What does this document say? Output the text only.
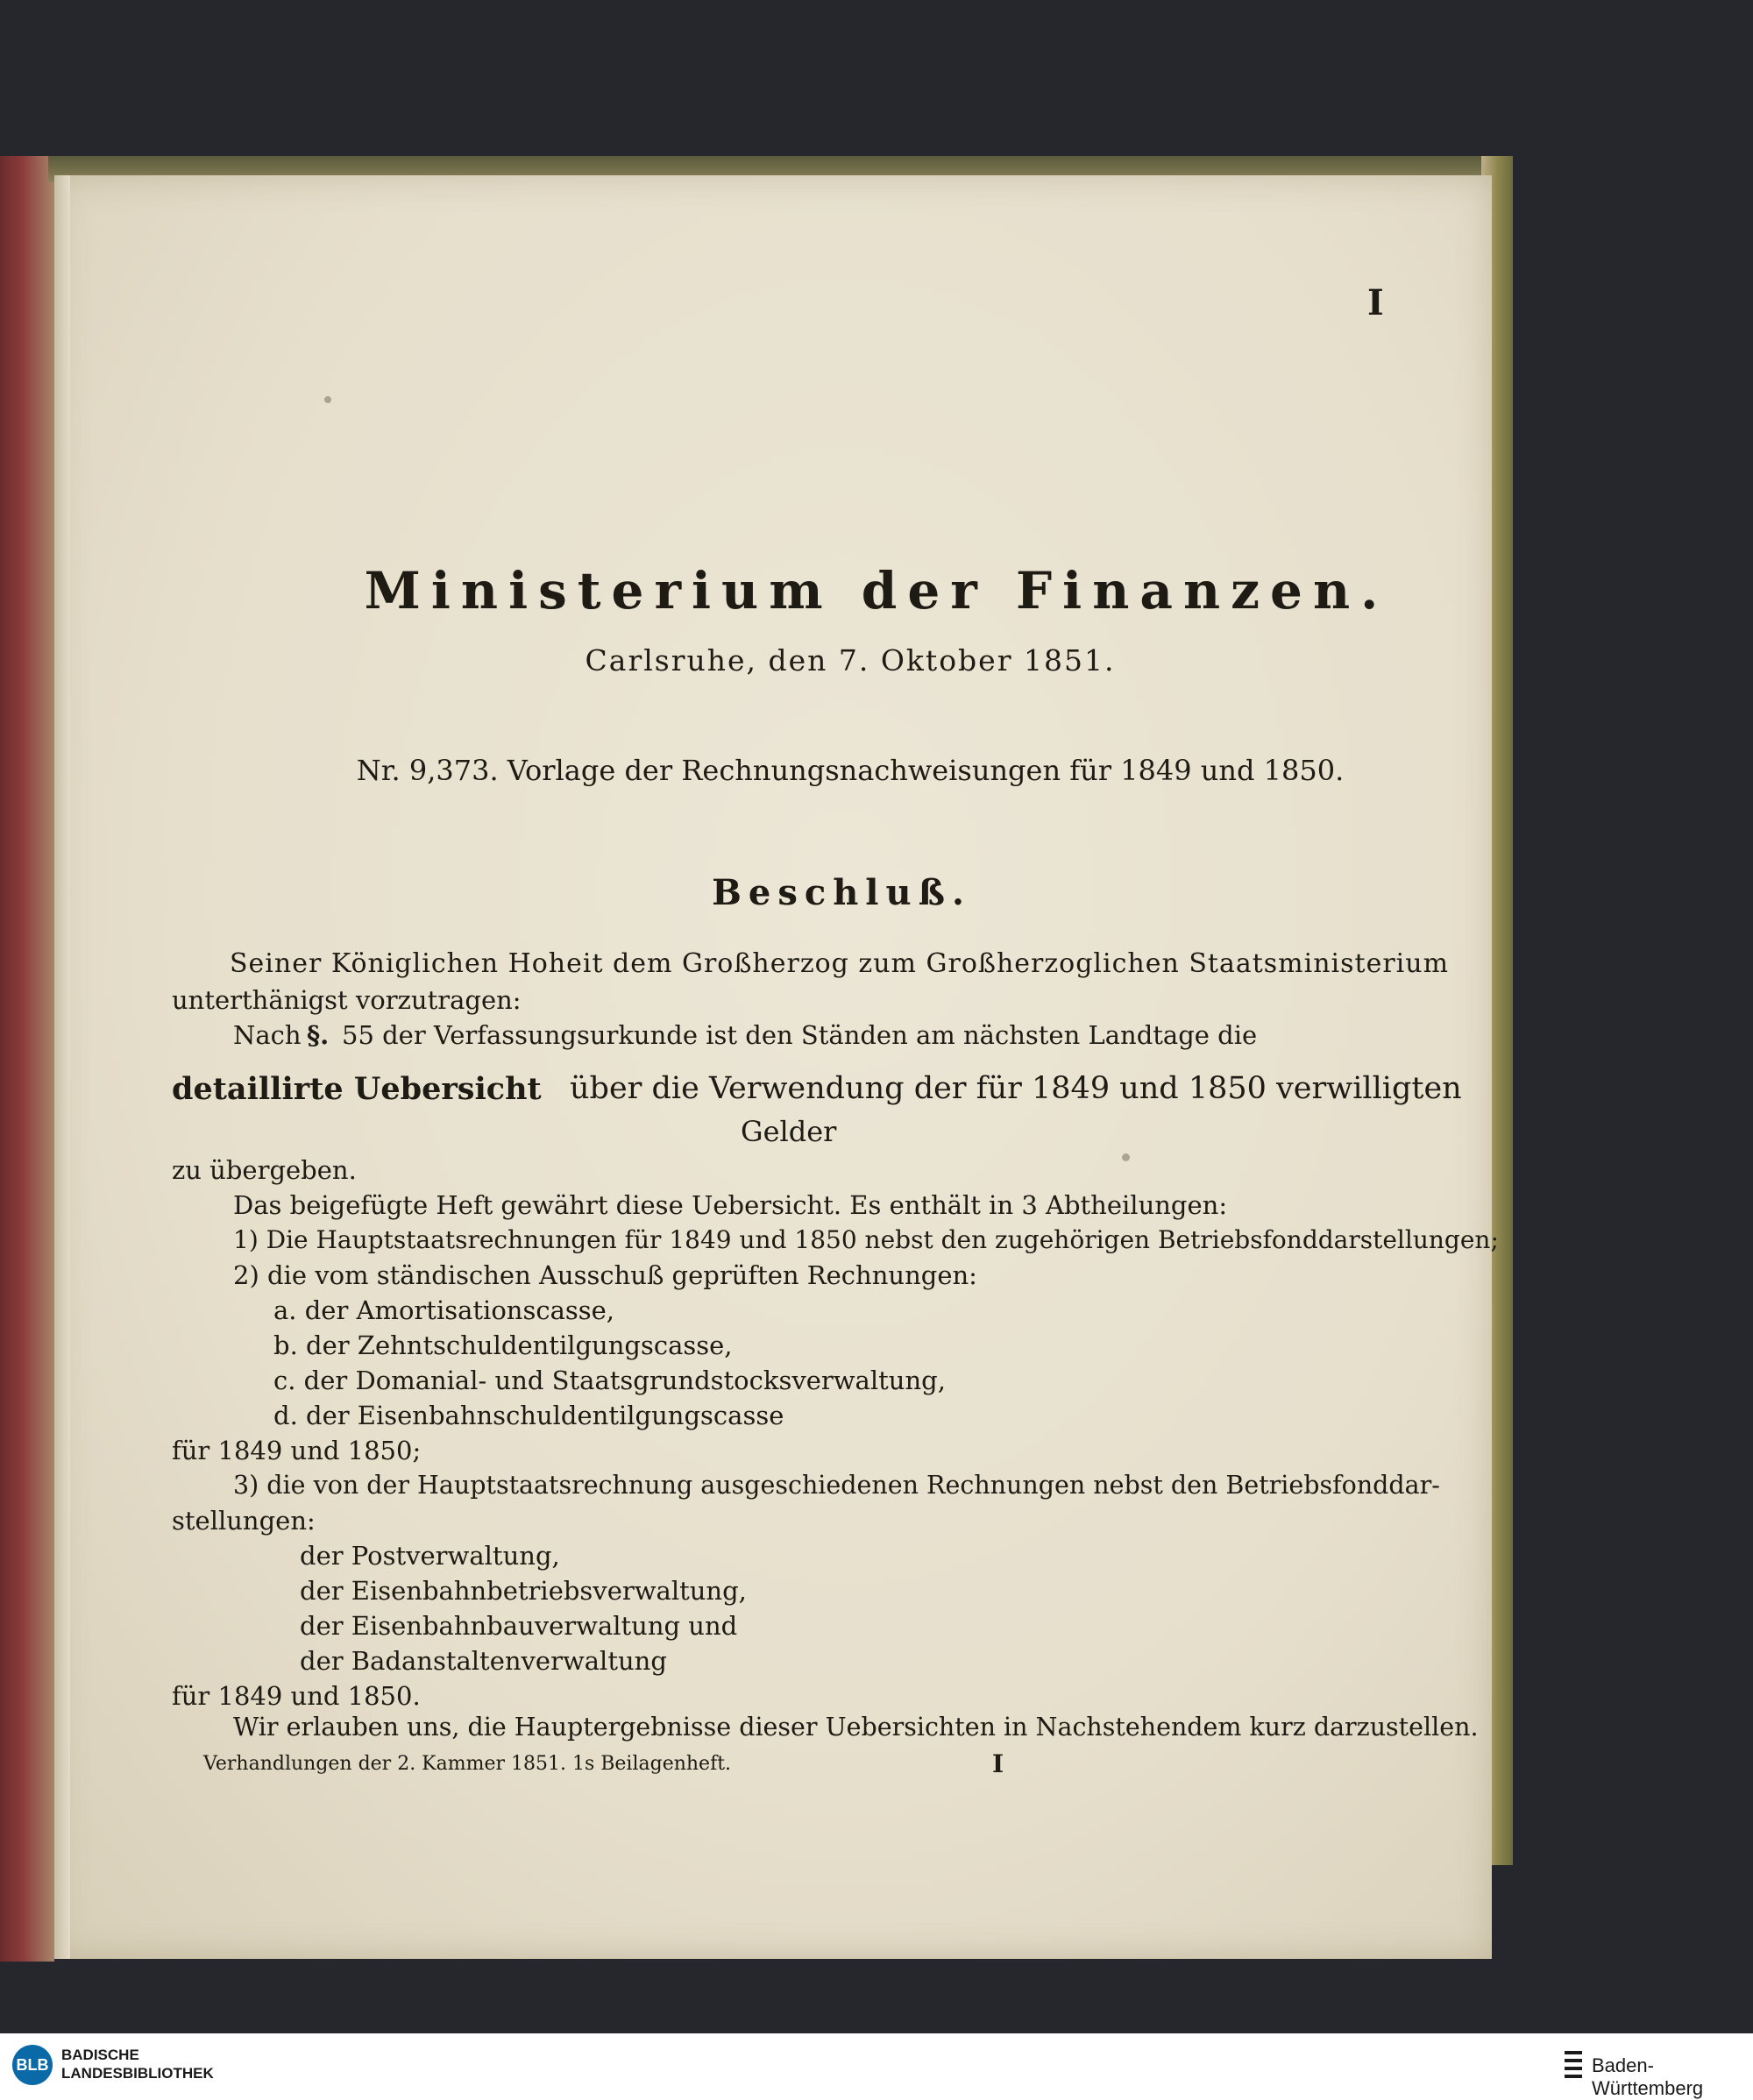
I
Ministerium der Finanzen.
Carlsruhe, den 7. Oktober 1851.
Nr. 9,373. Vorlage der Rechnungsnachweisungen für 1849 und 1850.
Beschluß.
Seiner Königlichen Hoheit dem Großherzog zum Großherzoglichen Staatsministerium
unterthänigst vorzutragen:
Nach §. 55 der Verfassungsurkunde ist den Ständen am nächsten Landtage die
detaillirte Uebersicht über die Verwendung der für 1849 und 1850 verwilligten
Gelder
zu übergeben.
Das beigefügte Heft gewährt diese Uebersicht. Es enthält in 3 Abtheilungen:
1) Die Hauptstaatsrechnungen für 1849 und 1850 nebst den zugehörigen Betriebsfonddarstellungen;
2) die vom ständischen Ausschuß geprüften Rechnungen:
a. der Amortisationscasse,
b. der Zehntschuldentilgungscasse,
c. der Domanial- und Staatsgrundstocksverwaltung,
d. der Eisenbahnschuldentilgungscasse
für 1849 und 1850;
3) die von der Hauptstaatsrechnung ausgeschiedenen Rechnungen nebst den Betriebsfonddar-
stellungen:
der Postverwaltung,
der Eisenbahnbetriebsverwaltung,
der Eisenbahnbauverwaltung und
der Badanstaltenverwaltung
für 1849 und 1850.
Wir erlauben uns, die Hauptergebnisse dieser Uebersichten in Nachstehendem kurz darzustellen.
Verhandlungen der 2. Kammer 1851. 1s Beilagenheft.	I
BLB
BADISCHE
LANDESBIBLIOTHEK	Baden-Württemberg
